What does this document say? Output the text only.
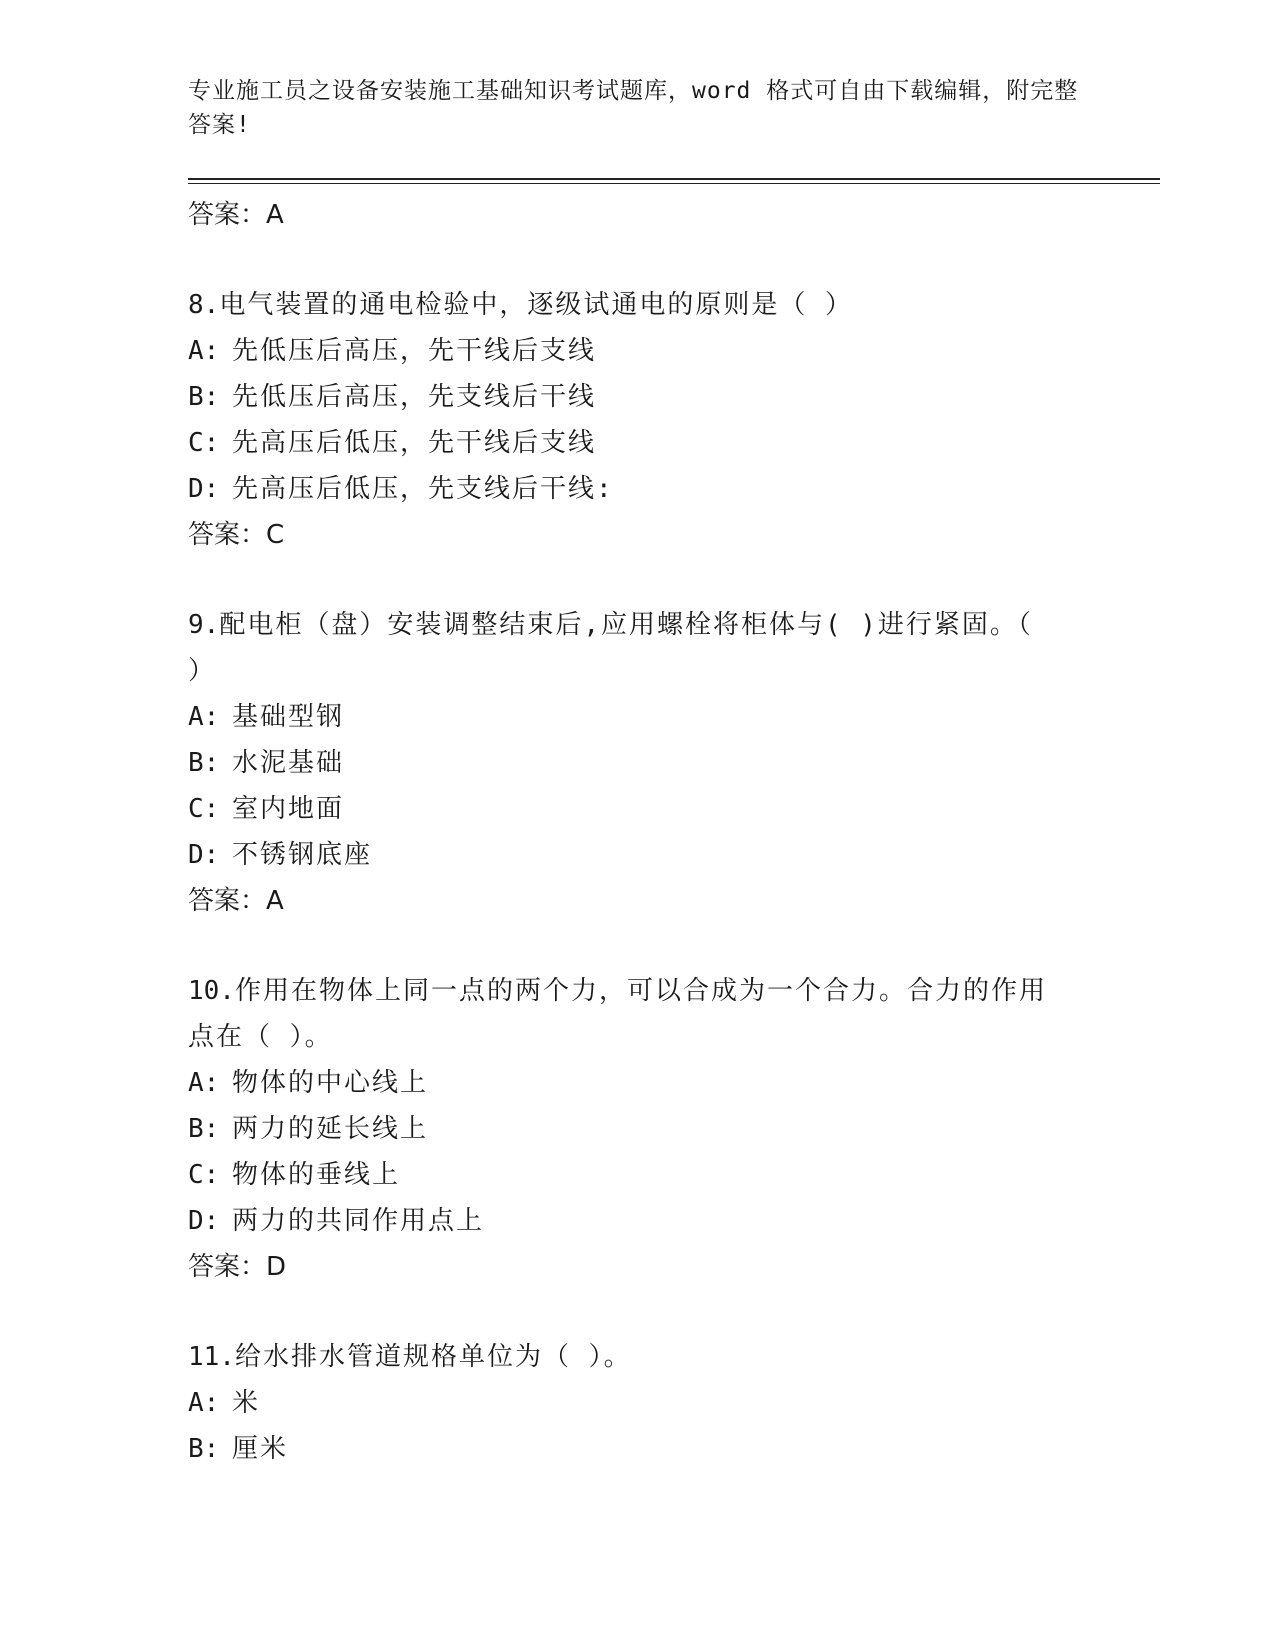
专业施工员之设备安装施工基础知识考试题库，word 格式可自由下载编辑，附完整答案!
答案：A
8.电气装置的通电检验中，逐级试通电的原则是（ ）
A: 先低压后高压，先干线后支线
B: 先低压后高压，先支线后干线
C: 先高压后低压，先干线后支线
D: 先高压后低压，先支线后干线:
答案：C
9.配电柜（盘）安装调整结束后,应用螺栓将柜体与( )进行紧固。（ ）
A: 基础型钢
B: 水泥基础
C: 室内地面
D: 不锈钢底座
答案：A
10.作用在物体上同一点的两个力，可以合成为一个合力。合力的作用点在（ ）。
A: 物体的中心线上
B: 两力的延长线上
C: 物体的垂线上
D: 两力的共同作用点上
答案：D
11.给水排水管道规格单位为（ ）。
A: 米
B: 厘米
